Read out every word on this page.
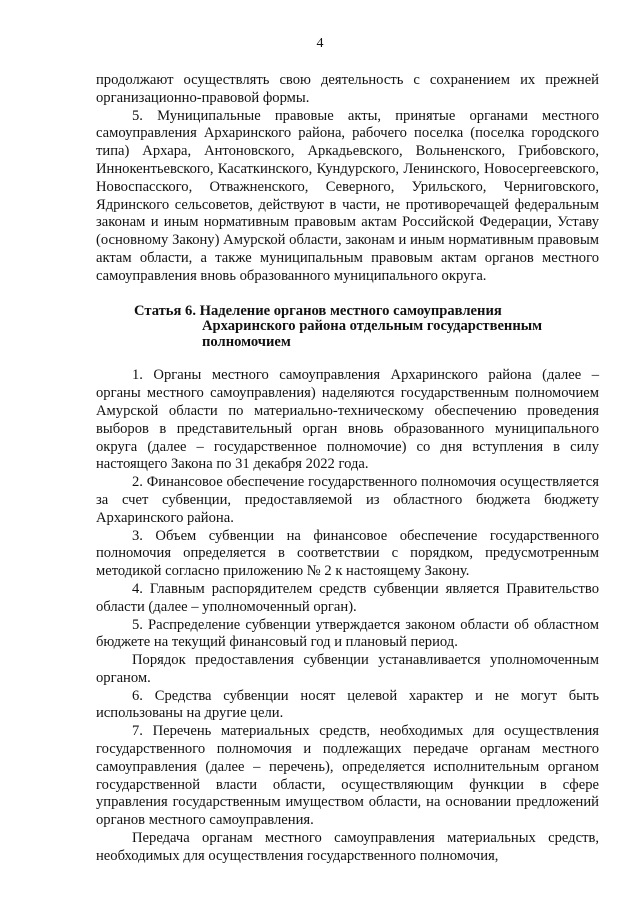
4

продолжают осуществлять свою деятельность с сохранением их прежней организационно-правовой формы.

5. Муниципальные правовые акты, принятые органами местного самоуправления Архаринского района, рабочего поселка (поселка городского типа) Архара, Антоновского, Аркадьевского, Вольненского, Грибовского, Иннокентьевского, Касаткинского, Кундурского, Ленинского, Новосергеевского, Новоспасского, Отважненского, Северного, Урильского, Черниговского, Ядринского сельсоветов, действуют в части, не противоречащей федеральным законам и иным нормативным правовым актам Российской Федерации, Уставу (основному Закону) Амурской области, законам и иным нормативным правовым актам области, а также муниципальным правовым актам органов местного самоуправления вновь образованного муниципального округа.

Статья 6. Наделение органов местного самоуправления
Архаринского района отдельным государственным
полномочием

1. Органы местного самоуправления Архаринского района (далее – органы местного самоуправления) наделяются государственным полномочием Амурской области по материально-техническому обеспечению проведения выборов в представительный орган вновь образованного муниципального округа (далее – государственное полномочие) со дня вступления в силу настоящего Закона по 31 декабря 2022 года.

2. Финансовое обеспечение государственного полномочия осуществляется за счет субвенции, предоставляемой из областного бюджета бюджету Архаринского района.

3. Объем субвенции на финансовое обеспечение государственного полномочия определяется в соответствии с порядком, предусмотренным методикой согласно приложению № 2 к настоящему Закону.

4. Главным распорядителем средств субвенции является Правительство области (далее – уполномоченный орган).

5. Распределение субвенции утверждается законом области об областном бюджете на текущий финансовый год и плановый период.

Порядок предоставления субвенции устанавливается уполномоченным органом.

6. Средства субвенции носят целевой характер и не могут быть использованы на другие цели.

7. Перечень материальных средств, необходимых для осуществления государственного полномочия и подлежащих передаче органам местного самоуправления (далее – перечень), определяется исполнительным органом государственной власти области, осуществляющим функции в сфере управления государственным имуществом области, на основании предложений органов местного самоуправления.

Передача органам местного самоуправления материальных средств, необходимых для осуществления государственного полномочия,
